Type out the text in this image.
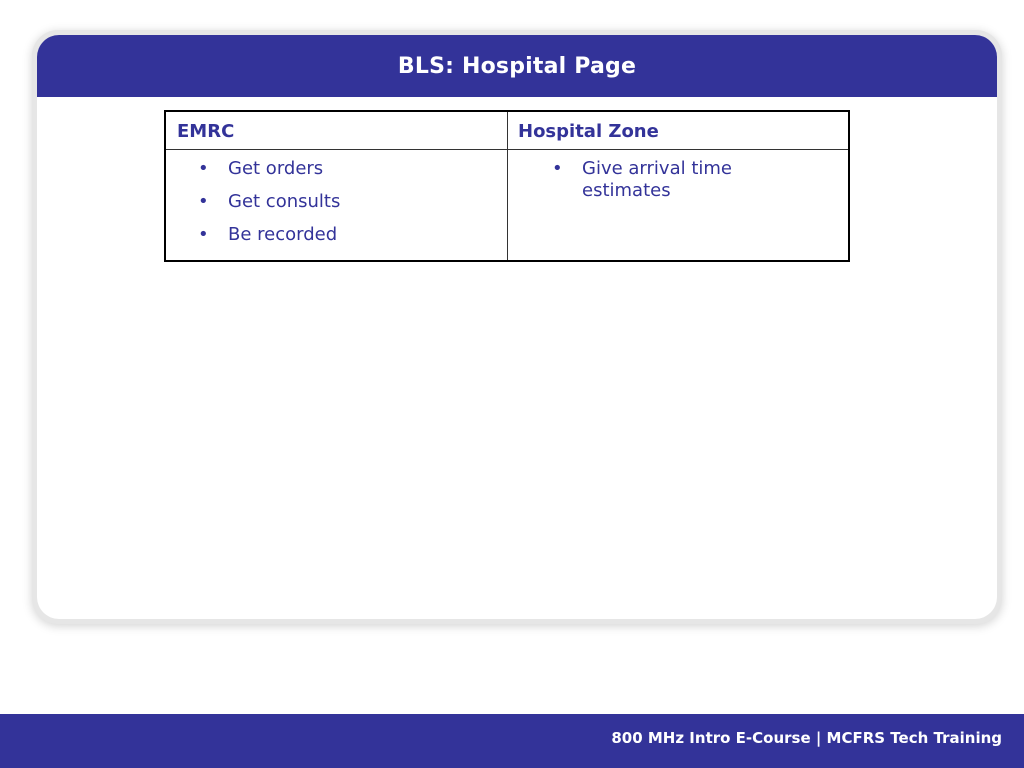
BLS: Hospital Page
EMRC	Hospital Zone
• Get orders
• Get consults
• Be recorded
• Give arrival time estimates
800 MHz Intro E-Course | MCFRS Tech Training
